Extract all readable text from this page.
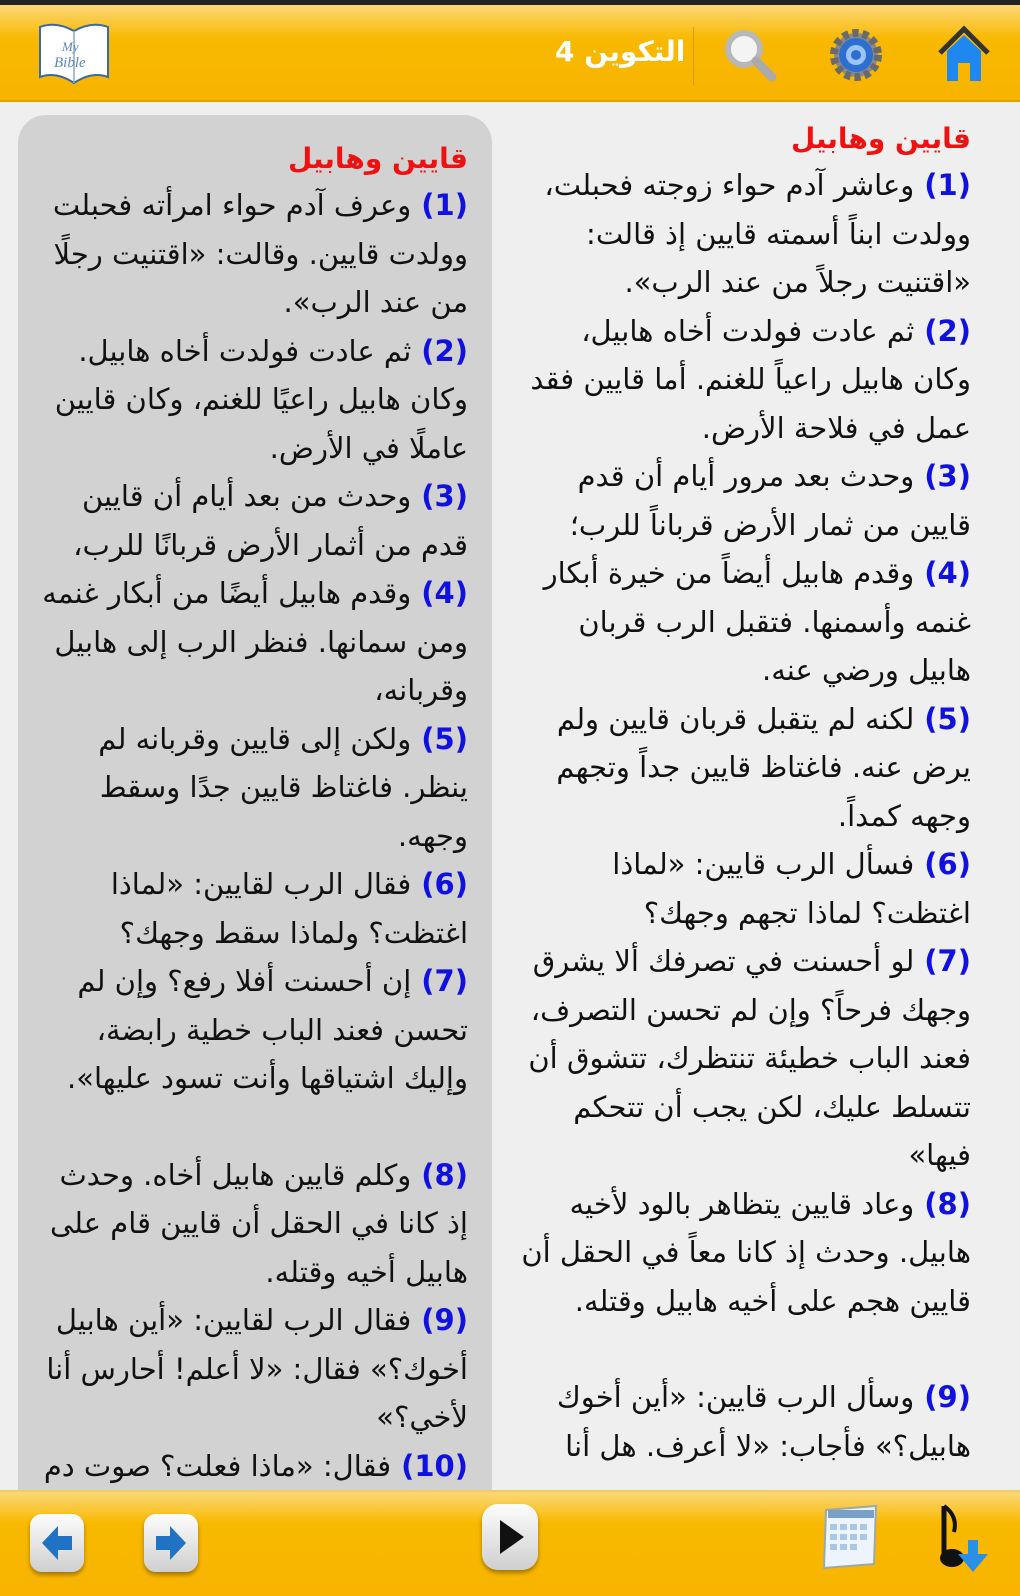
My
Bible	التكوين 4
قايين وهابيل
( 1 )وعاشر آدم حواء زوجته فحبلت، وولدت ابناً أسمته قايين إذ قالت: «اقتنيت رجلاً من عند الرب».
( 2 )ثم عادت فولدت أخاه هابيل، وكان هابيل راعياً للغنم. أما قايين فقد عمل في فلاحة الأرض.
( 3 )وحدث بعد مرور أيام أن قدم قايين من ثمار الأرض قرباناً للرب؛
( 4 )وقدم هابيل أيضاً من خيرة أبكار غنمه وأسمنها. فتقبل الرب قربان هابيل ورضي عنه.
( 5 )لكنه لم يتقبل قربان قايين ولم يرض عنه. فاغتاظ قايين جداً وتجهم وجهه كمداً.
( 6 )فسأل الرب قايين: «لماذا اغتظت؟ لماذا تجهم وجهك؟
( 7 )لو أحسنت في تصرفك ألا يشرق وجهك فرحاً؟ وإن لم تحسن التصرف، فعند الباب خطيئة تنتظرك، تتشوق أن تتسلط عليك، لكن يجب أن تتحكم فيها»
( 8 )وعاد قايين يتظاهر بالود لأخيه هابيل. وحدث إذ كانا معاً في الحقل أن قايين هجم على أخيه هابيل وقتله.
( 9 )وسأل الرب قايين: «أين أخوك هابيل؟» فأجاب: «لا أعرف. هل أنا
قايين وهابيل
( 1 )وعرف آدم حواء امرأته فحبلت وولدت قايين. وقالت: «اقتنيت رجلًا من عند الرب».
( 2 )ثم عادت فولدت أخاه هابيل. وكان هابيل راعيًا للغنم، وكان قايين عاملًا في الأرض.
( 3 )وحدث من بعد أيام أن قايين قدم من أثمار الأرض قربانًا للرب،
( 4 )وقدم هابيل أيضًا من أبكار غنمه ومن سمانها. فنظر الرب إلى هابيل وقربانه،
( 5 )ولكن إلى قايين وقربانه لم ينظر. فاغتاظ قايين جدًا وسقط وجهه.
( 6 )فقال الرب لقايين: «لماذا اغتظت؟ ولماذا سقط وجهك؟
( 7 )إن أحسنت أفلا رفع؟ وإن لم تحسن فعند الباب خطية رابضة، وإليك اشتياقها وأنت تسود عليها».
( 8 )وكلم قايين هابيل أخاه. وحدث إذ كانا في الحقل أن قايين قام على هابيل أخيه وقتله.
( 9 )فقال الرب لقايين: «أين هابيل أخوك؟» فقال: «لا أعلم! أحارس أنا لأخي؟»
( 10 )فقال: «ماذا فعلت؟ صوت دم
